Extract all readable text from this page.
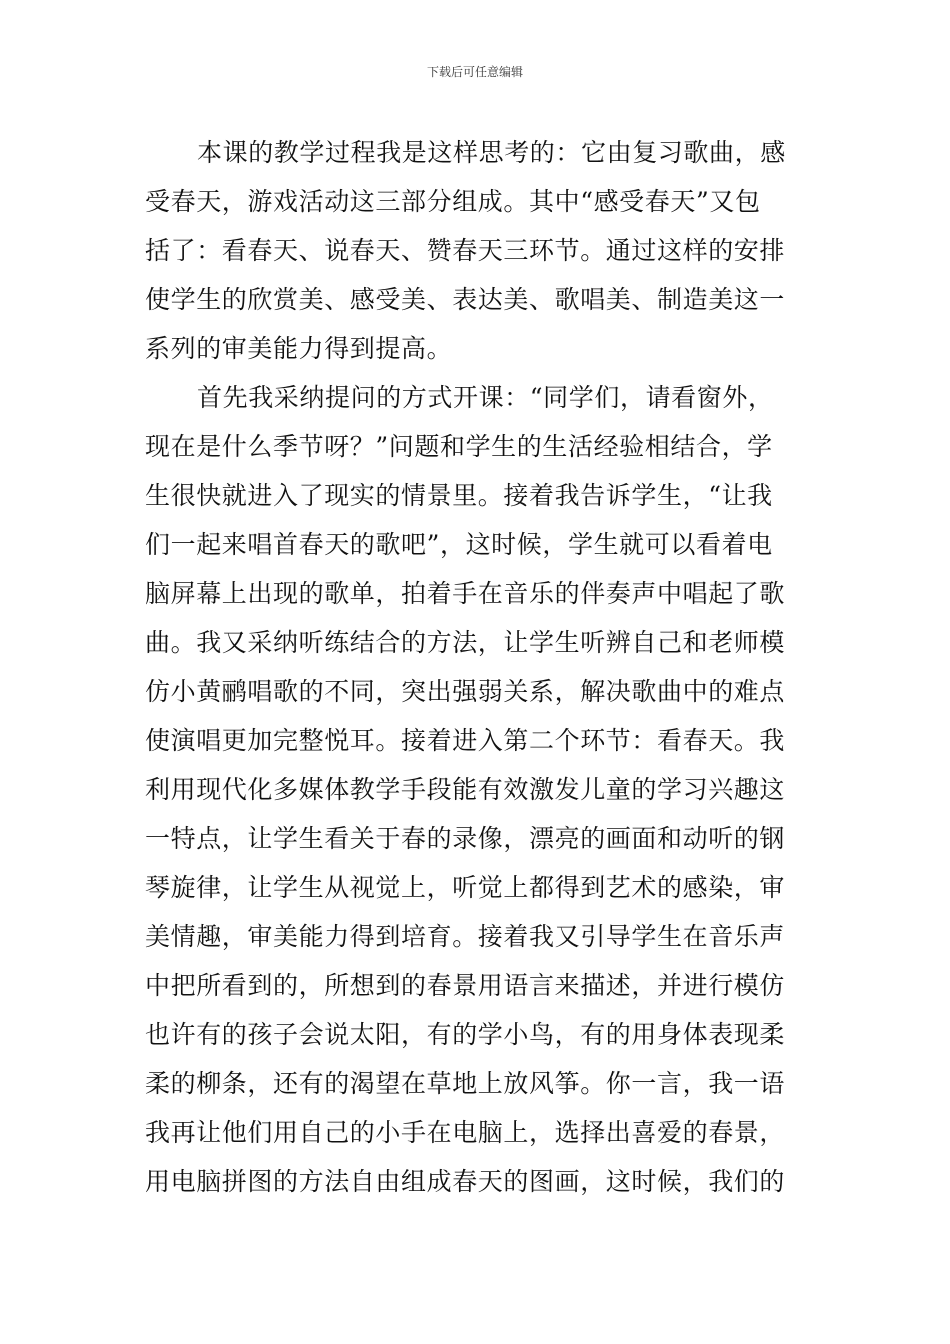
下载后可任意编辑
本课的教学过程我是这样思考的：它由复习歌曲，感
受春天，游戏活动这三部分组成。其中“感受春天”又包
括了：看春天、说春天、赞春天三环节。通过这样的安排
使学生的欣赏美、感受美、表达美、歌唱美、制造美这一
系列的审美能力得到提高。
首先我采纳提问的方式开课：“同学们，请看窗外，
现在是什么季节呀？”问题和学生的生活经验相结合，学
生很快就进入了现实的情景里。接着我告诉学生，“让我
们一起来唱首春天的歌吧”，这时候，学生就可以看着电
脑屏幕上出现的歌单，拍着手在音乐的伴奏声中唱起了歌
曲。我又采纳听练结合的方法，让学生听辨自己和老师模
仿小黄鹂唱歌的不同，突出强弱关系，解决歌曲中的难点
使演唱更加完整悦耳。接着进入第二个环节：看春天。我
利用现代化多媒体教学手段能有效激发儿童的学习兴趣这
一特点，让学生看关于春的录像，漂亮的画面和动听的钢
琴旋律，让学生从视觉上，听觉上都得到艺术的感染，审
美情趣，审美能力得到培育。接着我又引导学生在音乐声
中把所看到的，所想到的春景用语言来描述，并进行模仿
也许有的孩子会说太阳，有的学小鸟，有的用身体表现柔
柔的柳条，还有的渴望在草地上放风筝。你一言，我一语
我再让他们用自己的小手在电脑上，选择出喜爱的春景，
用电脑拼图的方法自由组成春天的图画，这时候，我们的
